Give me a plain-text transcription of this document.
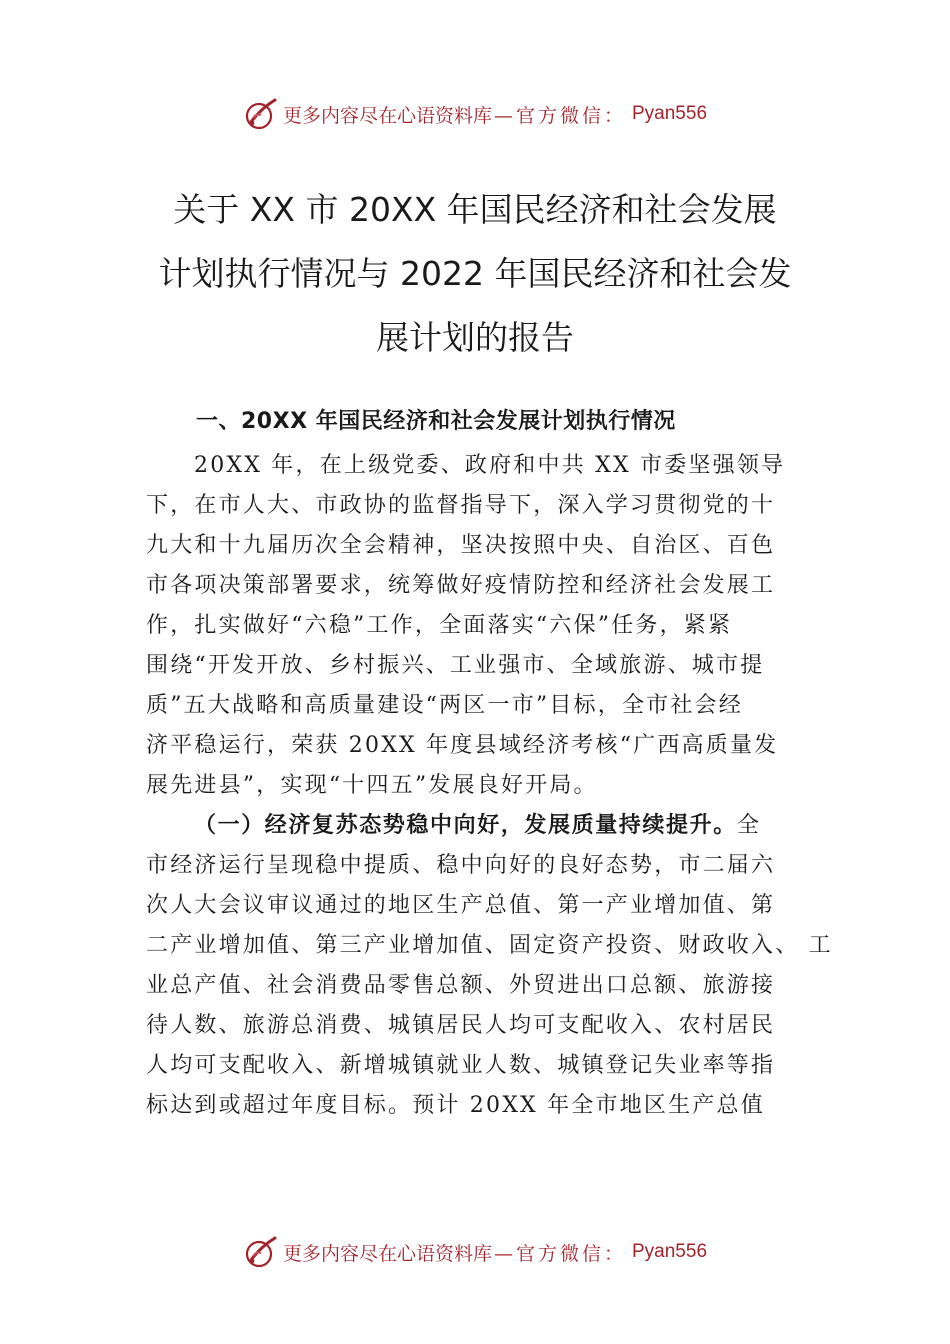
更多内容尽在心语资料库 —官方微信： Pyan556
关于 XX 市 20XX 年国民经济和社会发展
计划执行情况与 2022 年国民经济和社会发
展计划的报告
一、20XX 年国民经济和社会发展计划执行情况
20XX 年，在上级党委、政府和中共 XX 市委坚强领导
下，在市人大、市政协的监督指导下，深入学习贯彻党的十
九大和十九届历次全会精神，坚决按照中央、自治区、百色
市各项决策部署要求，统筹做好疫情防控和经济社会发展工
作，扎实做好“六稳”工作，全面落实“六保”任务，紧紧
围绕“开发开放、乡村振兴、工业强市、全域旅游、城市提
质”五大战略和高质量建设“两区一市”目标，全市社会经
济平稳运行，荣获 20XX 年度县域经济考核“广西高质量发
展先进县”，实现“十四五”发展良好开局。
（一）经济复苏态势稳中向好，发展质量持续提升。全
市经济运行呈现稳中提质、稳中向好的良好态势，市二届六
次人大会议审议通过的地区生产总值、第一产业增加值、第
二产业增加值、第三产业增加值、固定资产投资、财政收入、 工
业总产值、社会消费品零售总额、外贸进出口总额、旅游接
待人数、旅游总消费、城镇居民人均可支配收入、农村居民
人均可支配收入、新增城镇就业人数、城镇登记失业率等指
标达到或超过年度目标。预计 20XX 年全市地区生产总值
更多内容尽在心语资料库 —官方微信： Pyan556
